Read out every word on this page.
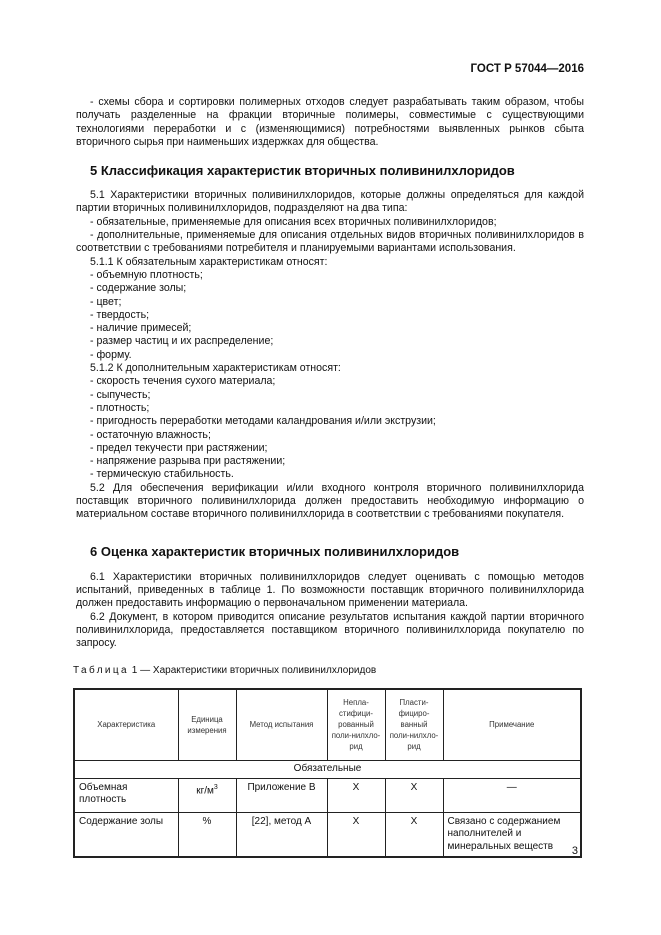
ГОСТ Р 57044—2016

- схемы сбора и сортировки полимерных отходов следует разрабатывать таким образом, чтобы получать разделенные на фракции вторичные полимеры, совместимые с существующими технологиями переработки и с (изменяющимися) потребностями выявленных рынков сбыта вторичного сырья при наименьших издержках для общества.

5 Классификация характеристик вторичных поливинилхлоридов

5.1 Характеристики вторичных поливинилхлоридов, которые должны определяться для каждой партии вторичных поливинилхлоридов, подразделяют на два типа:

- обязательные, применяемые для описания всех вторичных поливинилхлоридов;

- дополнительные, применяемые для описания отдельных видов вторичных поливинилхлоридов в соответствии с требованиями потребителя и планируемыми вариантами использования.

5.1.1 К обязательным характеристикам относят:

- объемную плотность;

- содержание золы;

- цвет;

- твердость;

- наличие примесей;

- размер частиц и их распределение;

- форму.

5.1.2 К дополнительным характеристикам относят:

- скорость течения сухого материала;

- сыпучесть;

- плотность;

- пригодность переработки методами каландрования и/или экструзии;

- остаточную влажность;

- предел текучести при растяжении;

- напряжение разрыва при растяжении;

- термическую стабильность.

5.2 Для обеспечения верификации и/или входного контроля вторичного поливинилхлорида поставщик вторичного поливинилхлорида должен предоставить необходимую информацию о материальном составе вторичного поливинилхлорида в соответствии с требованиями покупателя.

6 Оценка характеристик вторичных поливинилхлоридов

6.1 Характеристики вторичных поливинилхлоридов следует оценивать с помощью методов испытаний, приведенных в таблице 1. По возможности поставщик вторичного поливинилхлорида должен предоставить информацию о первоначальном применении материала.

6.2 Документ, в котором приводится описание результатов испытания каждой партии вторичного поливинилхлорида, предоставляется поставщиком вторичного поливинилхлорида покупателю по запросу.

Таблица 1 — Характеристики вторичных поливинилхлоридов
Характеристика	Единица измерения	Метод испытания	Непла-стифици-рованный поли-нилхло-рид	Пласти-фициро-ванный поли-нилхло-рид	Примечание
Обязательные					
Объемная плотность	$кг/м^3$	Приложение В	X	X	—
Содержание золы	%	[22], метод А	X	X	Связано с содержанием наполнителей и минеральных веществ 3
